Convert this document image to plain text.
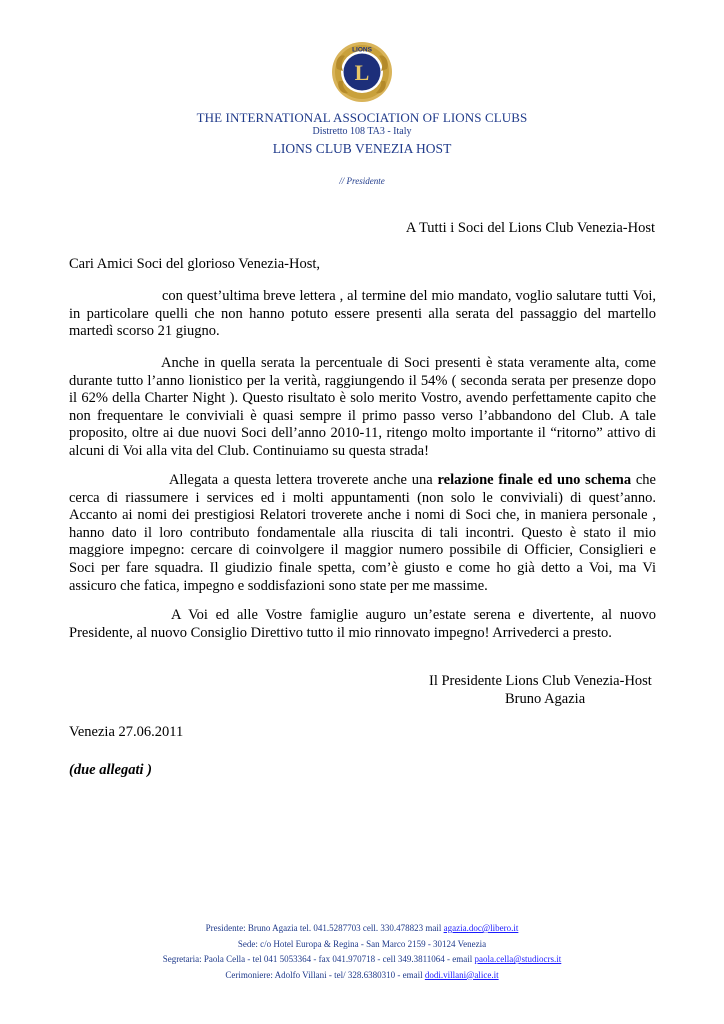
LIONS
L
THE INTERNATIONAL ASSOCIATION OF LIONS CLUBS
Distretto 108 TA3 - Italy
LIONS CLUB VENEZIA HOST
// Presidente
A Tutti i Soci del Lions Club Venezia-Host
Cari Amici Soci del glorioso Venezia-Host,
con quest’ultima breve lettera , al termine del mio mandato, voglio salutare tutti Voi, in particolare quelli che non hanno potuto essere presenti alla serata del passaggio del martello martedì scorso 21 giugno.
Anche in quella serata la percentuale di Soci presenti è stata veramente alta, come durante tutto l’anno lionistico per la verità, raggiungendo il 54% ( seconda serata per presenze dopo il 62% della Charter Night ). Questo risultato è solo merito Vostro, avendo perfettamente capito che non frequentare le conviviali è quasi sempre il primo passo verso l’abbandono del Club. A tale proposito, oltre ai due nuovi Soci dell’anno 2010-11, ritengo molto importante il “ritorno” attivo di alcuni di Voi alla vita del Club. Continuiamo su questa strada!
Allegata a questa lettera troverete anche una relazione finale ed uno schema che cerca di riassumere i services ed i molti appuntamenti (non solo le conviviali) di quest’anno. Accanto ai nomi dei prestigiosi Relatori troverete anche i nomi di Soci che, in maniera personale , hanno dato il loro contributo fondamentale alla riuscita di tali incontri. Questo è stato il mio maggiore impegno: cercare di coinvolgere il maggior numero possibile di Officier, Consiglieri e Soci per fare squadra. Il giudizio finale spetta, com’è giusto e come ho già detto a Voi, ma Vi assicuro che fatica, impegno e soddisfazioni sono state per me massime.
A Voi ed alle Vostre famiglie auguro un’estate serena e divertente, al nuovo Presidente, al nuovo Consiglio Direttivo tutto il mio rinnovato impegno! Arrivederci a presto.
Il Presidente Lions Club Venezia-Host
Bruno Agazia
Venezia 27.06.2011
(due allegati )
Presidente: Bruno Agazia tel. 041.5287703 cell. 330.478823 mail agazia.doc@libero.it
Sede: c/o Hotel Europa & Regina - San Marco 2159 - 30124 Venezia
Segretaria: Paola Cella - tel 041 5053364 - fax 041.970718 - cell 349.3811064 - email paola.cella@studiocrs.it
Cerimoniere: Adolfo Villani - tel/ 328.6380310 - email dodi.villani@alice.it
